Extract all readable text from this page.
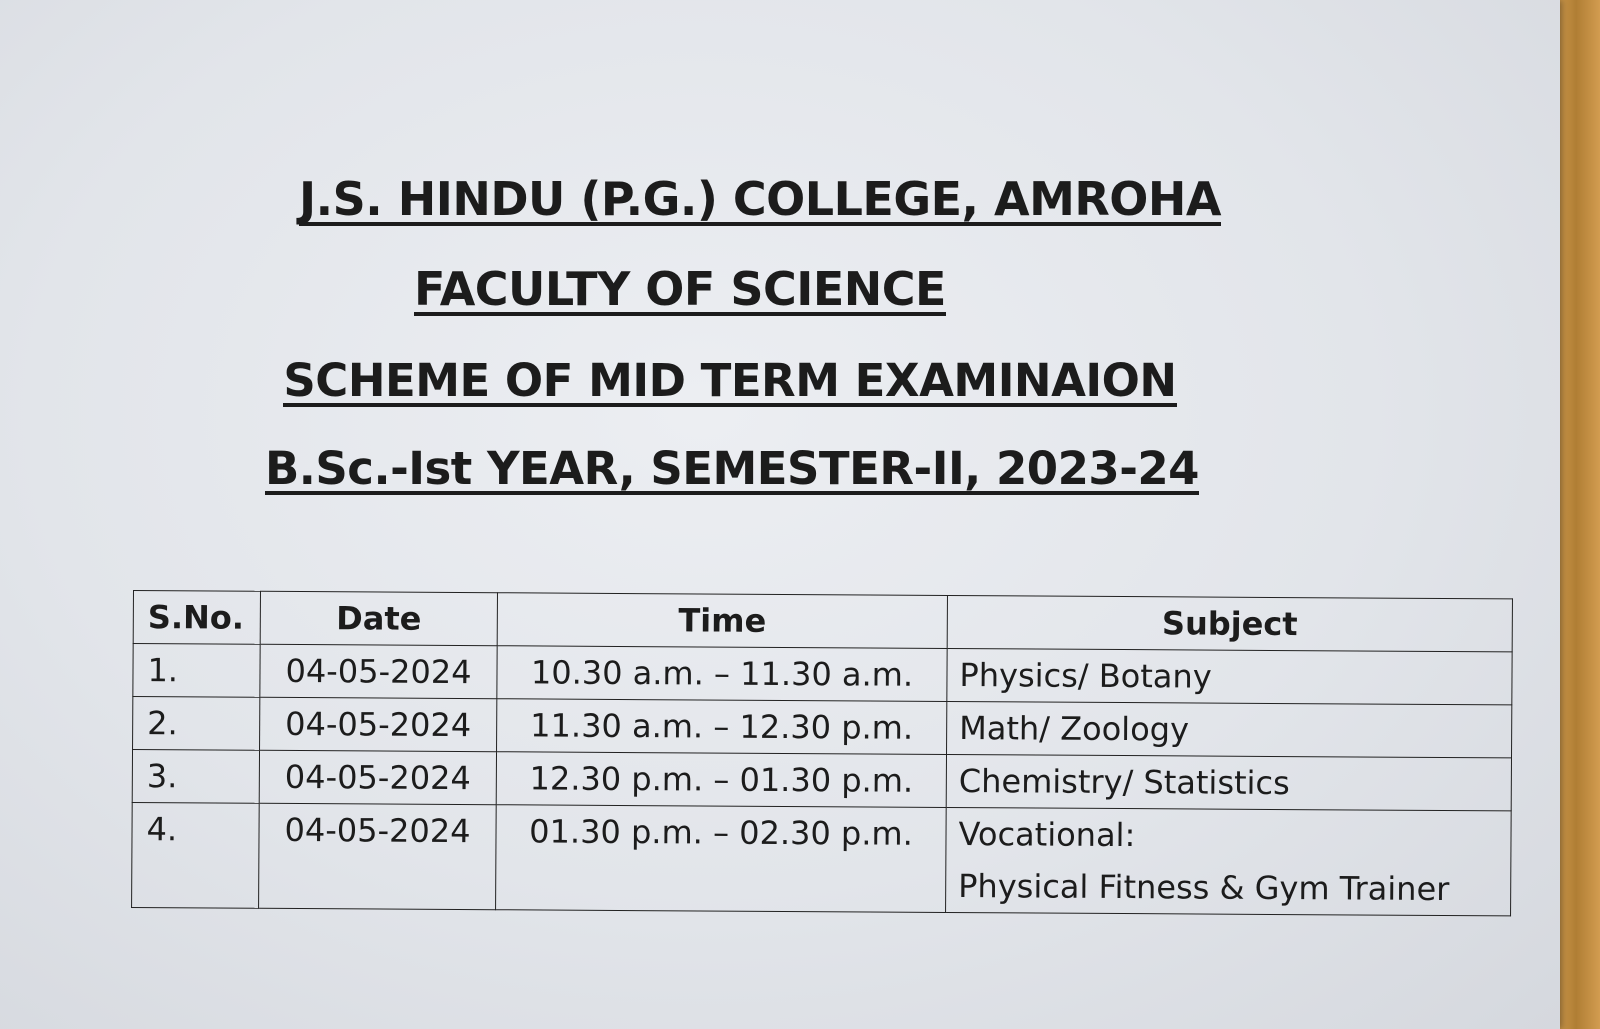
J.S. HINDU (P.G.) COLLEGE, AMROHA
FACULTY OF SCIENCE
SCHEME OF MID TERM EXAMINAION
B.Sc.-Ist YEAR, SEMESTER-II, 2023-24
S.No.	Date	Time	Subject
1.	04-05-2024	10.30 a.m. – 11.30 a.m.	Physics/ Botany

2.	04-05-2024	11.30 a.m. – 12.30 p.m.	Math/ Zoology

3.	04-05-2024	12.30 p.m. – 01.30 p.m.	Chemistry/ Statistics

4.	04-05-2024	01.30 p.m. – 02.30 p.m.	Vocational:
Physical Fitness & Gym Trainer
